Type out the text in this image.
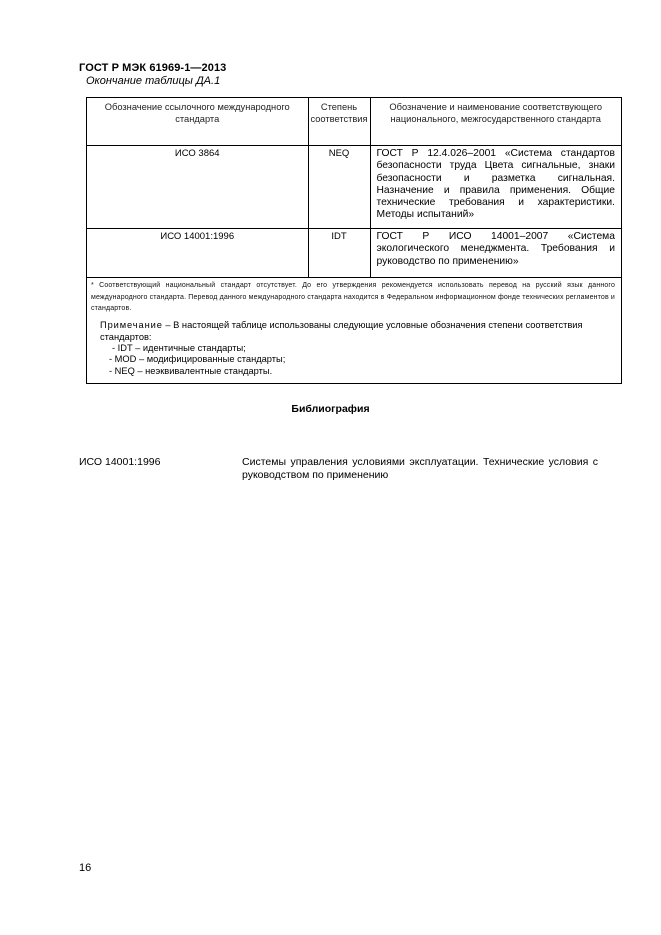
ГОСТ Р МЭК 61969-1—2013
Окончание таблицы ДА.1
Обозначение ссылочного международного стандарта	Степень соответствия	Обозначение и наименование соответствующего национального, межгосударственного стандарта
ИСО 3864	NEQ	ГОСТ Р 12.4.026–2001 «Система стандартов безопасности труда Цвета сигнальные, знаки безопасности и разметка сигнальная. Назначение и правила применения. Общие технические требования и характеристики. Методы испытаний»
ИСО 14001:1996	IDT	ГОСТ Р ИСО 14001–2007 «Система экологического менеджмента. Требования и руководство по применению»

* Соответствующий национальный стандарт отсутствует. До его утверждения рекомендуется использовать перевод на русский язык данного международного стандарта. Перевод данного международного стандарта находится в Федеральном информационном фонде технических регламентов и стандартов.
Примечание – В настоящей таблице использованы следующие условные обозначения степени соответствия стандартов:
- IDT – идентичные стандарты;
- MOD – модифицированные стандарты;
- NEQ – неэквивалентные стандарты.		
Библиография
ИСО 14001:1996	Системы управления условиями эксплуатации. Технические условия с руководством по применению
16
